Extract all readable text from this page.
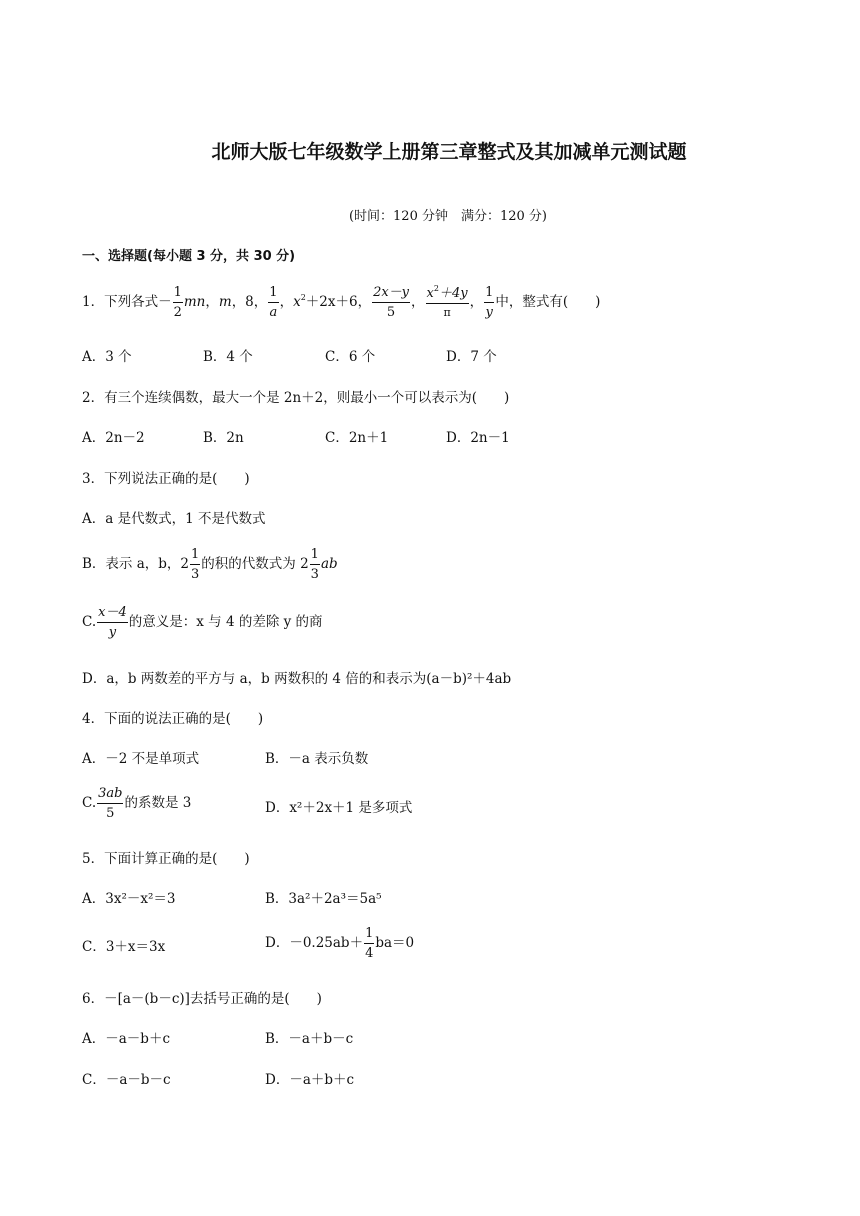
北师大版七年级数学上册第三章整式及其加减单元测试题
(时间：120 分钟　满分：120 分)
一、选择题(每小题 3 分，共 30 分)
1．下列各式－ $\frac{1}{2}$ mn，m，8， $\frac{1}{a}$ ，$x^2+2x+6$， $\frac{2x-y}{5}$ ， $\frac{x^2+4y}{\pi}$ ， $\frac{1}{y}$ 中，整式有(　　)
A．3 个	B．4 个	C．6 个	D．7 个
2．有三个连续偶数，最大一个是 2n＋2，则最小一个可以表示为(　　)
A．2n－2	B．2n	C．2n＋1	D．2n－1
3．下列说法正确的是(　　)
A．a 是代数式，1 不是代数式
B．表示 a，b，$2 \frac{1}{3}$ 的积的代数式为 $2 \frac{1}{3}$ ab
C. $\frac{x-4}{y}$ 的意义是：x 与 4 的差除 y 的商
D．a，b 两数差的平方与 a，b 两数积的 4 倍的和表示为(a－b)²＋4ab
4．下面的说法正确的是(　　)
A．－2 不是单项式	B．－a 表示负数
C. $\frac{3ab}{5}$ 的系数是 3	D．x²＋2x＋1 是多项式
5．下面计算正确的是(　　)
A．3x²－x²＝3	B．3a²＋2a³＝5a⁵
C．3＋x＝3x	D．$-0.25ab+ \frac{1}{4} ba=0$
6．－[a－(b－c)]去括号正确的是(　　)
A．－a－b＋c	B．－a＋b－c
C．－a－b－c	D．－a＋b＋c
